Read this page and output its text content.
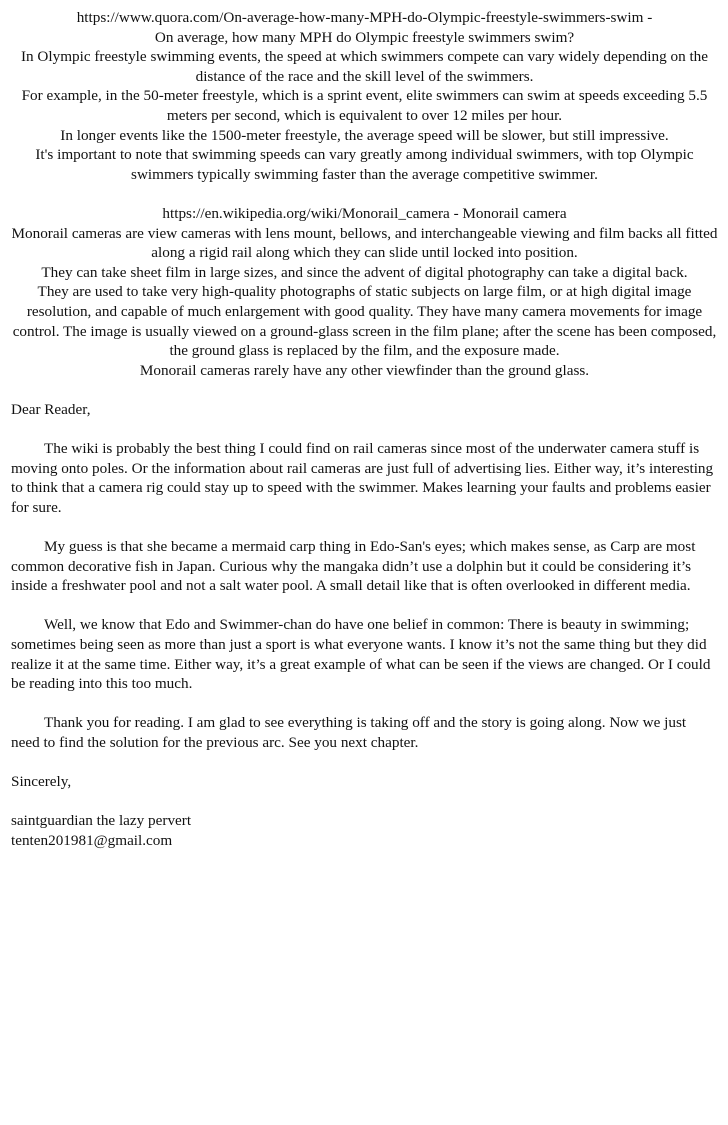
https://www.quora.com/On-average-how-many-MPH-do-Olympic-freestyle-swimmers-swim -

On average, how many MPH do Olympic freestyle swimmers swim?

In Olympic freestyle swimming events, the speed at which swimmers compete can vary widely depending on the distance of the race and the skill level of the swimmers.

For example, in the 50-meter freestyle, which is a sprint event, elite swimmers can swim at speeds exceeding 5.5 meters per second, which is equivalent to over 12 miles per hour.

In longer events like the 1500-meter freestyle, the average speed will be slower, but still impressive.

It's important to note that swimming speeds can vary greatly among individual swimmers, with top Olympic swimmers typically swimming faster than the average competitive swimmer.

https://en.wikipedia.org/wiki/Monorail_camera - Monorail camera

Monorail cameras are view cameras with lens mount, bellows, and interchangeable viewing and film backs all fitted along a rigid rail along which they can slide until locked into position.

They can take sheet film in large sizes, and since the advent of digital photography can take a digital back.

They are used to take very high-quality photographs of static subjects on large film, or at high digital image resolution, and capable of much enlargement with good quality. They have many camera movements for image control. The image is usually viewed on a ground-glass screen in the film plane; after the scene has been composed, the ground glass is replaced by the film, and the exposure made.

Monorail cameras rarely have any other viewfinder than the ground glass.

Dear Reader,

The wiki is probably the best thing I could find on rail cameras since most of the underwater camera stuff is moving onto poles. Or the information about rail cameras are just full of advertising lies. Either way, it’s interesting to think that a camera rig could stay up to speed with the swimmer. Makes learning your faults and problems easier for sure.

My guess is that she became a mermaid carp thing in Edo-San's eyes; which makes sense, as Carp are most common decorative fish in Japan. Curious why the mangaka didn’t use a dolphin but it could be considering it’s inside a freshwater pool and not a salt water pool. A small detail like that is often overlooked in different media.

Well, we know that Edo and Swimmer-chan do have one belief in common: There is beauty in swimming; sometimes being seen as more than just a sport is what everyone wants. I know it’s not the same thing but they did realize it at the same time. Either way, it’s a great example of what can be seen if the views are changed. Or I could be reading into this too much.

Thank you for reading. I am glad to see everything is taking off and the story is going along. Now we just need to find the solution for the previous arc. See you next chapter.

Sincerely,

saintguardian the lazy pervert

tenten201981@gmail.com
